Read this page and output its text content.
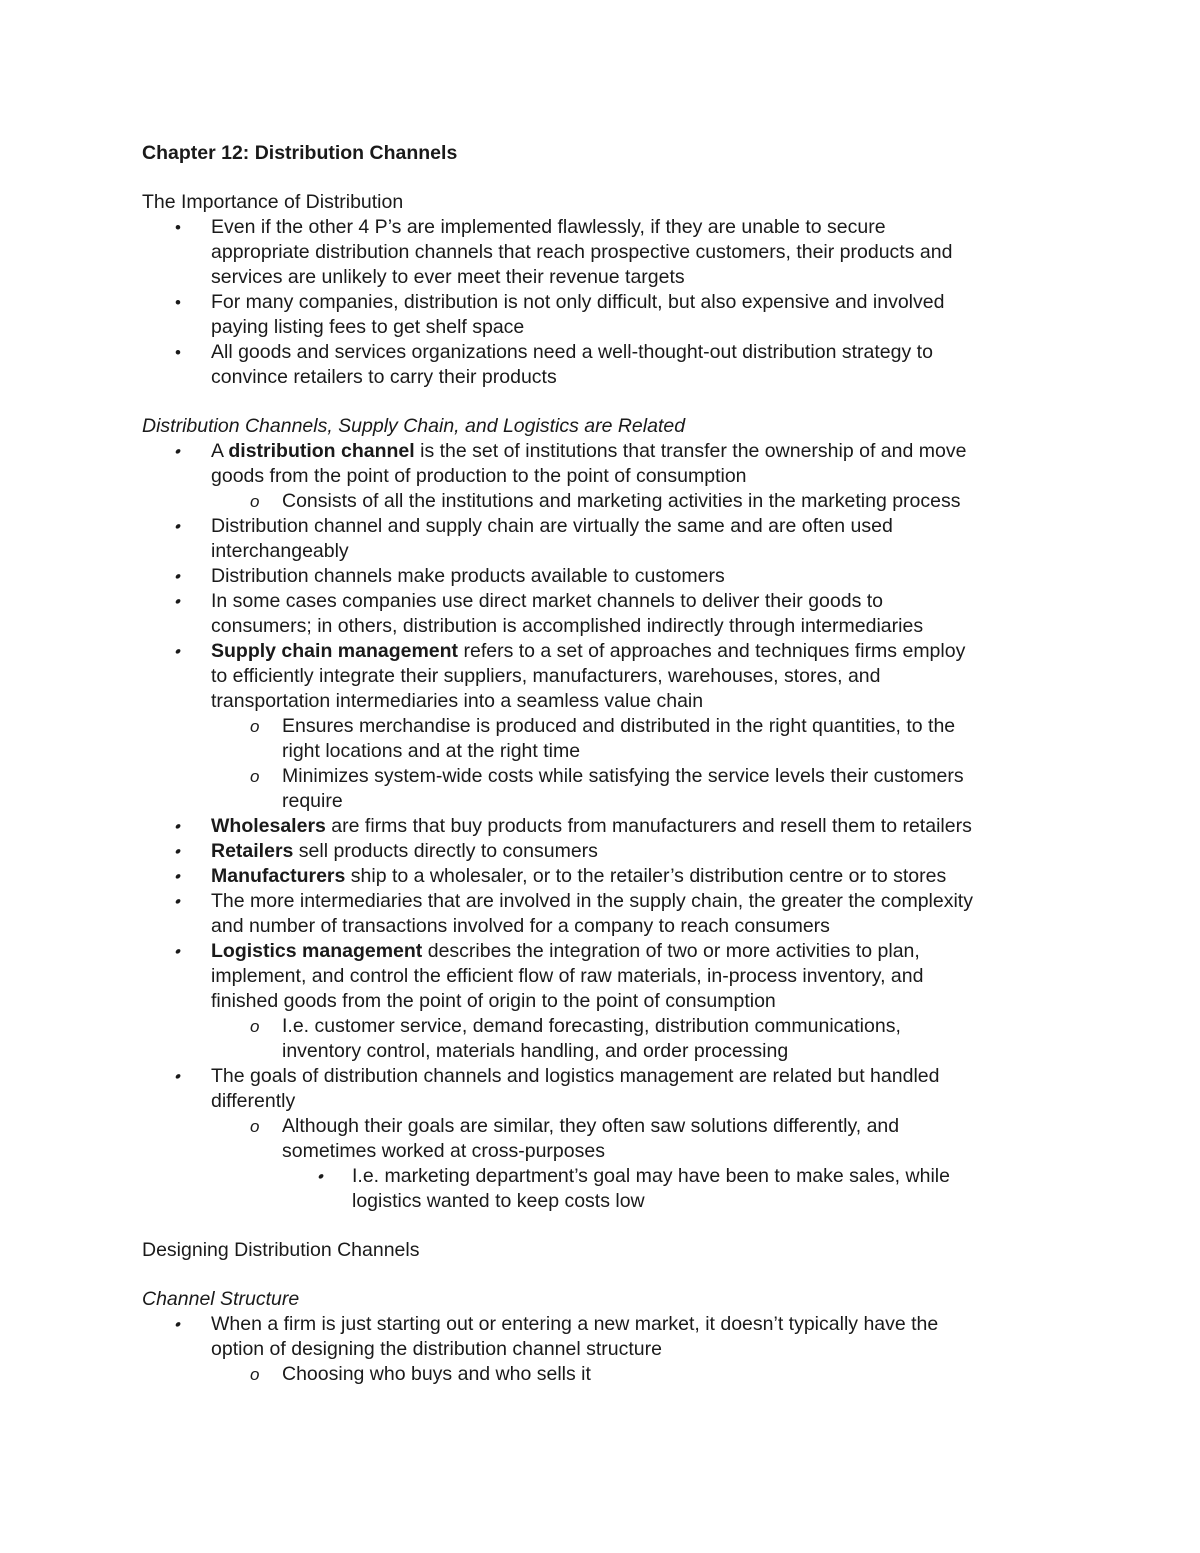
Chapter 12: Distribution Channels
The Importance of Distribution
• Even if the other 4 P’s are implemented flawlessly, if they are unable to secure
appropriate distribution channels that reach prospective customers, their products and
services are unlikely to ever meet their revenue targets
• For many companies, distribution is not only difficult, but also expensive and involved
paying listing fees to get shelf space
• All goods and services organizations need a well-thought-out distribution strategy to
convince retailers to carry their products
Distribution Channels, Supply Chain, and Logistics are Related
• A distribution channel is the set of institutions that transfer the ownership of and move
goods from the point of production to the point of consumption
o Consists of all the institutions and marketing activities in the marketing process
• Distribution channel and supply chain are virtually the same and are often used
interchangeably
• Distribution channels make products available to customers
• In some cases companies use direct market channels to deliver their goods to
consumers; in others, distribution is accomplished indirectly through intermediaries
• Supply chain management refers to a set of approaches and techniques firms employ
to efficiently integrate their suppliers, manufacturers, warehouses, stores, and
transportation intermediaries into a seamless value chain
o Ensures merchandise is produced and distributed in the right quantities, to the
right locations and at the right time
o Minimizes system-wide costs while satisfying the service levels their customers
require
• Wholesalers are firms that buy products from manufacturers and resell them to retailers
• Retailers sell products directly to consumers
• Manufacturers ship to a wholesaler, or to the retailer’s distribution centre or to stores
• The more intermediaries that are involved in the supply chain, the greater the complexity
and number of transactions involved for a company to reach consumers
• Logistics management describes the integration of two or more activities to plan,
implement, and control the efficient flow of raw materials, in-process inventory, and
finished goods from the point of origin to the point of consumption
o I.e. customer service, demand forecasting, distribution communications,
inventory control, materials handling, and order processing
• The goals of distribution channels and logistics management are related but handled
differently
o Although their goals are similar, they often saw solutions differently, and
sometimes worked at cross-purposes
• I.e. marketing department’s goal may have been to make sales, while
logistics wanted to keep costs low
Designing Distribution Channels
Channel Structure
• When a firm is just starting out or entering a new market, it doesn’t typically have the
option of designing the distribution channel structure
o Choosing who buys and who sells it
